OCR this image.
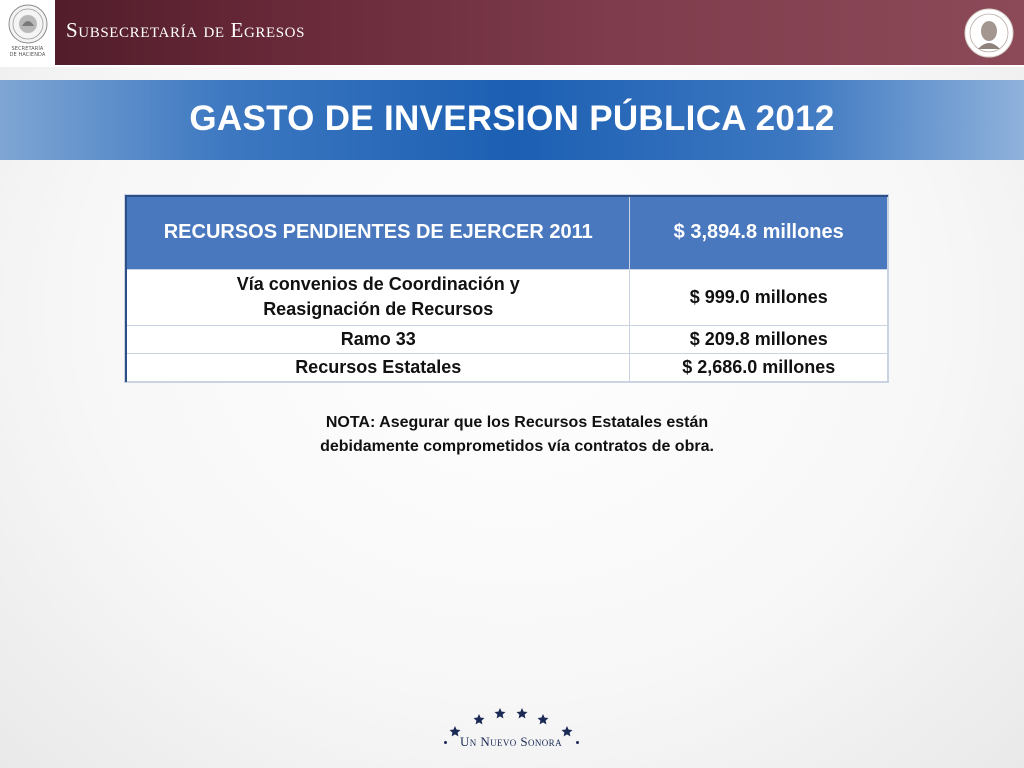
SECRETARÍA
DE HACIENDA
Subsecretaría de Egresos
GASTO DE INVERSION PÚBLICA 2012
RECURSOS PENDIENTES DE EJERCER 2011	$ 3,894.8 millones

Vía convenios de Coordinación y
Reasignación de Recursos	$ 999.0 millones
Ramo 33	$ 209.8 millones
Recursos Estatales	$ 2,686.0 millones
NOTA: Asegurar que los Recursos Estatales están
debidamente comprometidos vía contratos de obra.
Un Nuevo Sonora
